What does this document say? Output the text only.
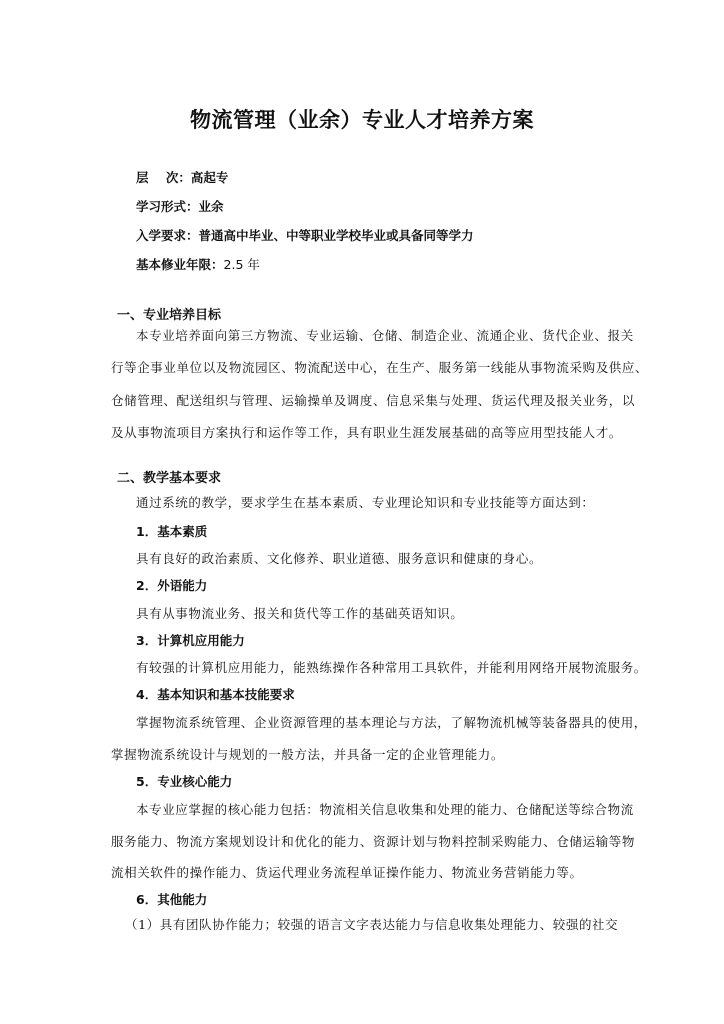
物流管理（业余）专业人才培养方案
层    次：高起专
学习形式：业余
入学要求：普通高中毕业、中等职业学校毕业或具备同等学力
基本修业年限：2.5 年
一、专业培养目标
本专业培养面向第三方物流、专业运输、仓储、制造企业、流通企业、货代企业、报关
行等企事业单位以及物流园区、物流配送中心，在生产、服务第一线能从事物流采购及供应、
仓储管理、配送组织与管理、运输操单及调度、信息采集与处理、货运代理及报关业务，以
及从事物流项目方案执行和运作等工作，具有职业生涯发展基础的高等应用型技能人才。
二、教学基本要求
通过系统的教学，要求学生在基本素质、专业理论知识和专业技能等方面达到：
1．基本素质
具有良好的政治素质、文化修养、职业道德、服务意识和健康的身心。
2．外语能力
具有从事物流业务、报关和货代等工作的基础英语知识。
3．计算机应用能力
有较强的计算机应用能力，能熟练操作各种常用工具软件，并能利用网络开展物流服务。
4．基本知识和基本技能要求
掌握物流系统管理、企业资源管理的基本理论与方法，了解物流机械等装备器具的使用，
掌握物流系统设计与规划的一般方法，并具备一定的企业管理能力。
5．专业核心能力
本专业应掌握的核心能力包括：物流相关信息收集和处理的能力、仓储配送等综合物流
服务能力、物流方案规划设计和优化的能力、资源计划与物料控制采购能力、仓储运输等物
流相关软件的操作能力、货运代理业务流程单证操作能力、物流业务营销能力等。
6．其他能力
（1）具有团队协作能力；较强的语言文字表达能力与信息收集处理能力、较强的社交
